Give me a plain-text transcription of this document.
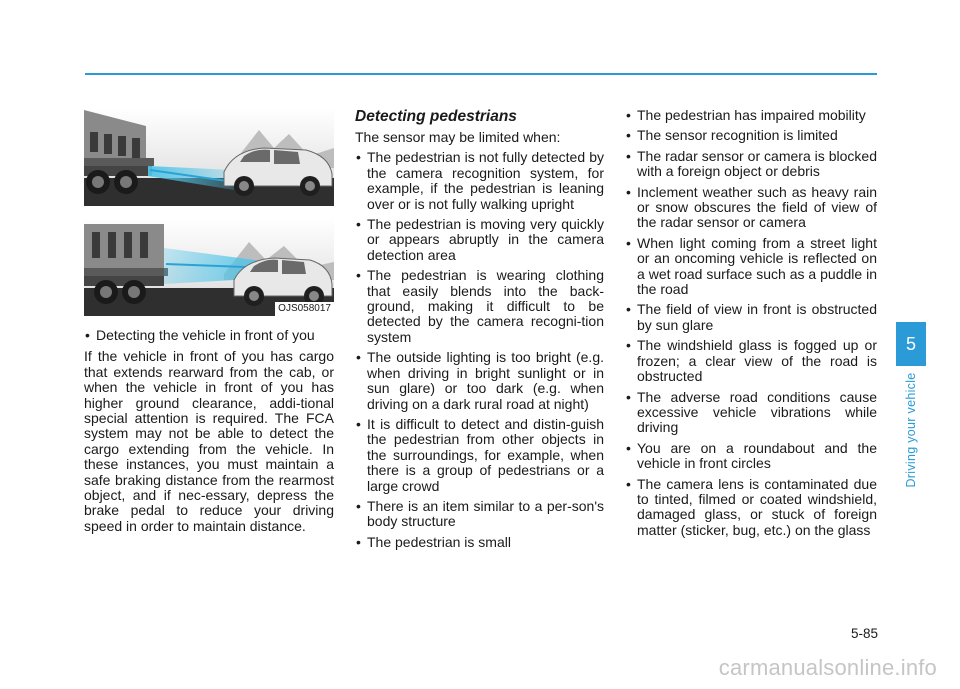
OJS058017
• Detecting the vehicle in front of you

If the vehicle in front of you has cargo that extends rearward from the cab, or when the vehicle in front of you has higher ground clearance, addi-tional special attention is required. The FCA system may not be able to detect the cargo extending from the vehicle. In these instances, you must maintain a safe braking distance from the rearmost object, and if nec-essary, depress the brake pedal to reduce your driving speed in order to maintain distance.

Detecting pedestrians

The sensor may be limited when:

• The pedestrian is not fully detected by the camera recognition system, for example, if the pedestrian is leaning over or is not fully walking upright
• The pedestrian is moving very quickly or appears abruptly in the camera detection area
• The pedestrian is wearing clothing that easily blends into the back-ground, making it difficult to be detected by the camera recogni-tion system
• The outside lighting is too bright (e.g. when driving in bright sunlight or in sun glare) or too dark (e.g. when driving on a dark rural road at night)
• It is difficult to detect and distin-guish the pedestrian from other objects in the surroundings, for example, when there is a group of pedestrians or a large crowd
• There is an item similar to a per-son's body structure
• The pedestrian is small
• The pedestrian has impaired mobility
• The sensor recognition is limited
• The radar sensor or camera is blocked with a foreign object or debris
• Inclement weather such as heavy rain or snow obscures the field of view of the radar sensor or camera
• When light coming from a street light or an oncoming vehicle is reflected on a wet road surface such as a puddle in the road
• The field of view in front is obstructed by sun glare
• The windshield glass is fogged up or frozen; a clear view of the road is obstructed
• The adverse road conditions cause excessive vehicle vibrations while driving
• You are on a roundabout and the vehicle in front circles
• The camera lens is contaminated due to tinted, filmed or coated windshield, damaged glass, or stuck of foreign matter (sticker, bug, etc.) on the glass
5
Driving your vehicle
5-85
carmanualsonline.info
